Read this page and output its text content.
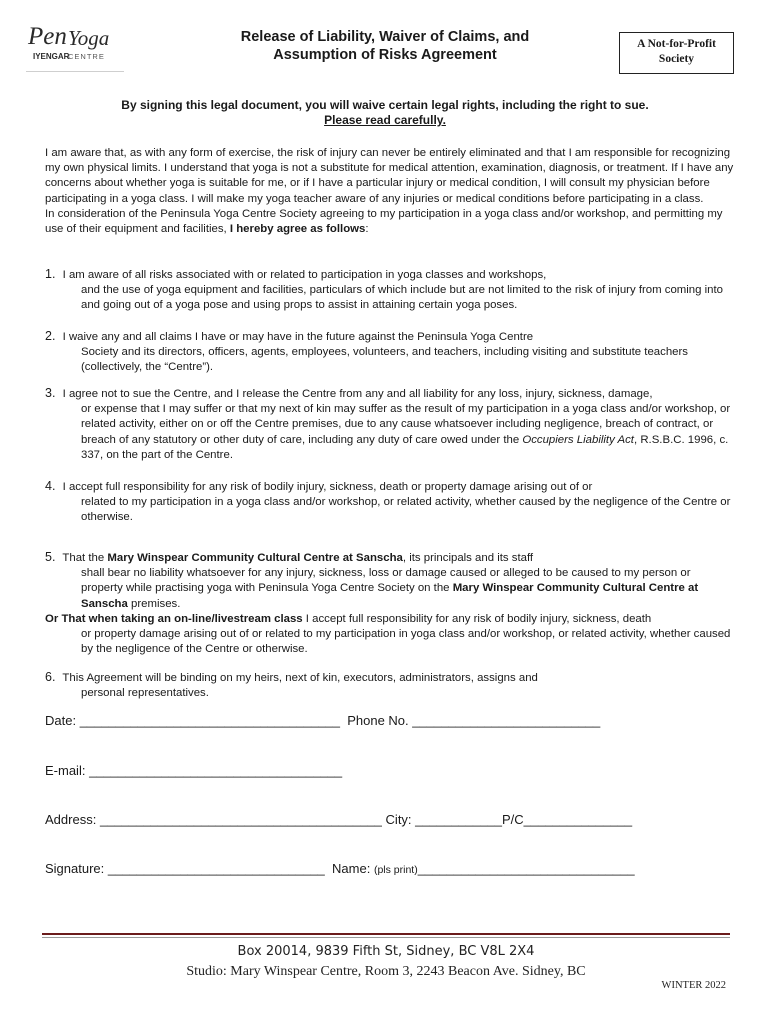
Pen Yoga
IYENGAR
CENTRE
Release of Liability, Waiver of Claims, and
Assumption of Risks Agreement
A Not-for-Profit
Society
By signing this legal document, you will waive certain legal rights, including the right to sue.
Please read carefully.
I am aware that, as with any form of exercise, the risk of injury can never be entirely eliminated and that I am responsible for recognizing my own physical limits. I understand that yoga is not a substitute for medical attention, examination, diagnosis, or treatment. If I have any concerns about whether yoga is suitable for me, or if I have a particular injury or medical condition, I will consult my physician before participating in a yoga class. I will make my yoga teacher aware of any injuries or medical conditions before participating in a class.
In consideration of the Peninsula Yoga Centre Society agreeing to my participation in a yoga class and/or workshop, and permitting my use of their equipment and facilities, I hereby agree as follows:
1. I am aware of all risks associated with or related to participation in yoga classes and workshops,
and the use of yoga equipment and facilities, particulars of which include but are not limited to the risk of injury from coming into and going out of a yoga pose and using props to assist in attaining certain yoga poses.
2. I waive any and all claims I have or may have in the future against the Peninsula Yoga Centre
Society and its directors, officers, agents, employees, volunteers, and teachers, including visiting and substitute teachers (collectively, the “Centre”).
3. I agree not to sue the Centre, and I release the Centre from any and all liability for any loss, injury, sickness, damage,
or expense that I may suffer or that my next of kin may suffer as the result of my participation in a yoga class and/or workshop, or related activity, either on or off the Centre premises, due to any cause whatsoever including negligence, breach of contract, or breach of any statutory or other duty of care, including any duty of care owed under the Occupiers Liability Act, R.S.B.C. 1996, c. 337, on the part of the Centre.
4. I accept full responsibility for any risk of bodily injury, sickness, death or property damage arising out of or
related to my participation in a yoga class and/or workshop, or related activity, whether caused by the negligence of the Centre or otherwise.
5. That the Mary Winspear Community Cultural Centre at Sanscha, its principals and its staff
shall bear no liability whatsoever for any injury, sickness, loss or damage caused or alleged to be caused to my person or property while practising yoga with Peninsula Yoga Centre Society on the Mary Winspear Community Cultural Centre at Sanscha premises.
Or That when taking an on-line/livestream class I accept full responsibility for any risk of bodily injury, sickness, death
or property damage arising out of or related to my participation in yoga class and/or workshop, or related activity, whether caused by the negligence of the Centre or otherwise.
6. This Agreement will be binding on my heirs, next of kin, executors, administrators, assigns and
personal representatives.
Date: ____________________________________ Phone No. __________________________
E-mail: ___________________________________
Address: _______________________________________ City: ____________P/C_______________
Signature: ______________________________ Name: (pls print)______________________________
Box 20014, 9839 Fifth St, Sidney, BC V8L 2X4
Studio: Mary Winspear Centre, Room 3, 2243 Beacon Ave. Sidney, BC
WINTER 2022
